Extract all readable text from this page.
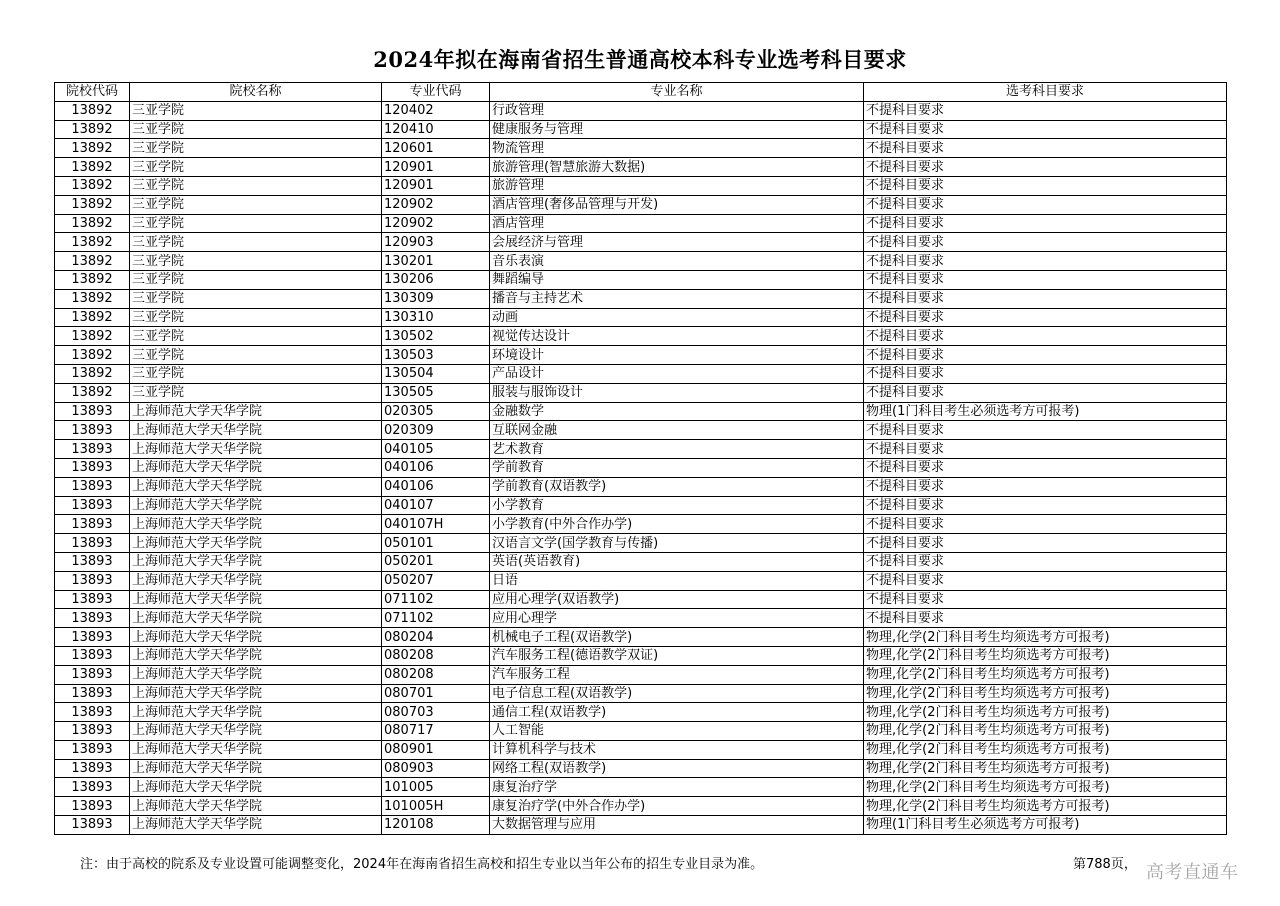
2024年拟在海南省招生普通高校本科专业选考科目要求
院校代码	院校名称	专业代码	专业名称	选考科目要求
13892	三亚学院	120402	行政管理	不提科目要求
13892	三亚学院	120410	健康服务与管理	不提科目要求
13892	三亚学院	120601	物流管理	不提科目要求
13892	三亚学院	120901	旅游管理(智慧旅游大数据)	不提科目要求
13892	三亚学院	120901	旅游管理	不提科目要求
13892	三亚学院	120902	酒店管理(奢侈品管理与开发)	不提科目要求
13892	三亚学院	120902	酒店管理	不提科目要求
13892	三亚学院	120903	会展经济与管理	不提科目要求
13892	三亚学院	130201	音乐表演	不提科目要求
13892	三亚学院	130206	舞蹈编导	不提科目要求
13892	三亚学院	130309	播音与主持艺术	不提科目要求
13892	三亚学院	130310	动画	不提科目要求
13892	三亚学院	130502	视觉传达设计	不提科目要求
13892	三亚学院	130503	环境设计	不提科目要求
13892	三亚学院	130504	产品设计	不提科目要求
13892	三亚学院	130505	服装与服饰设计	不提科目要求
13893	上海师范大学天华学院	020305	金融数学	物理(1门科目考生必须选考方可报考)
13893	上海师范大学天华学院	020309	互联网金融	不提科目要求
13893	上海师范大学天华学院	040105	艺术教育	不提科目要求
13893	上海师范大学天华学院	040106	学前教育	不提科目要求
13893	上海师范大学天华学院	040106	学前教育(双语教学)	不提科目要求
13893	上海师范大学天华学院	040107	小学教育	不提科目要求
13893	上海师范大学天华学院	040107H	小学教育(中外合作办学)	不提科目要求
13893	上海师范大学天华学院	050101	汉语言文学(国学教育与传播)	不提科目要求
13893	上海师范大学天华学院	050201	英语(英语教育)	不提科目要求
13893	上海师范大学天华学院	050207	日语	不提科目要求
13893	上海师范大学天华学院	071102	应用心理学(双语教学)	不提科目要求
13893	上海师范大学天华学院	071102	应用心理学	不提科目要求
13893	上海师范大学天华学院	080204	机械电子工程(双语教学)	物理,化学(2门科目考生均须选考方可报考)
13893	上海师范大学天华学院	080208	汽车服务工程(德语教学双证)	物理,化学(2门科目考生均须选考方可报考)
13893	上海师范大学天华学院	080208	汽车服务工程	物理,化学(2门科目考生均须选考方可报考)
13893	上海师范大学天华学院	080701	电子信息工程(双语教学)	物理,化学(2门科目考生均须选考方可报考)
13893	上海师范大学天华学院	080703	通信工程(双语教学)	物理,化学(2门科目考生均须选考方可报考)
13893	上海师范大学天华学院	080717	人工智能	物理,化学(2门科目考生均须选考方可报考)
13893	上海师范大学天华学院	080901	计算机科学与技术	物理,化学(2门科目考生均须选考方可报考)
13893	上海师范大学天华学院	080903	网络工程(双语教学)	物理,化学(2门科目考生均须选考方可报考)
13893	上海师范大学天华学院	101005	康复治疗学	物理,化学(2门科目考生均须选考方可报考)
13893	上海师范大学天华学院	101005H	康复治疗学(中外合作办学)	物理,化学(2门科目考生均须选考方可报考)
13893	上海师范大学天华学院	120108	大数据管理与应用	物理(1门科目考生必须选考方可报考)
注：由于高校的院系及专业设置可能调整变化，2024年在海南省招生高校和招生专业以当年公布的招生专业目录为准。	第788页， 高考直通车
